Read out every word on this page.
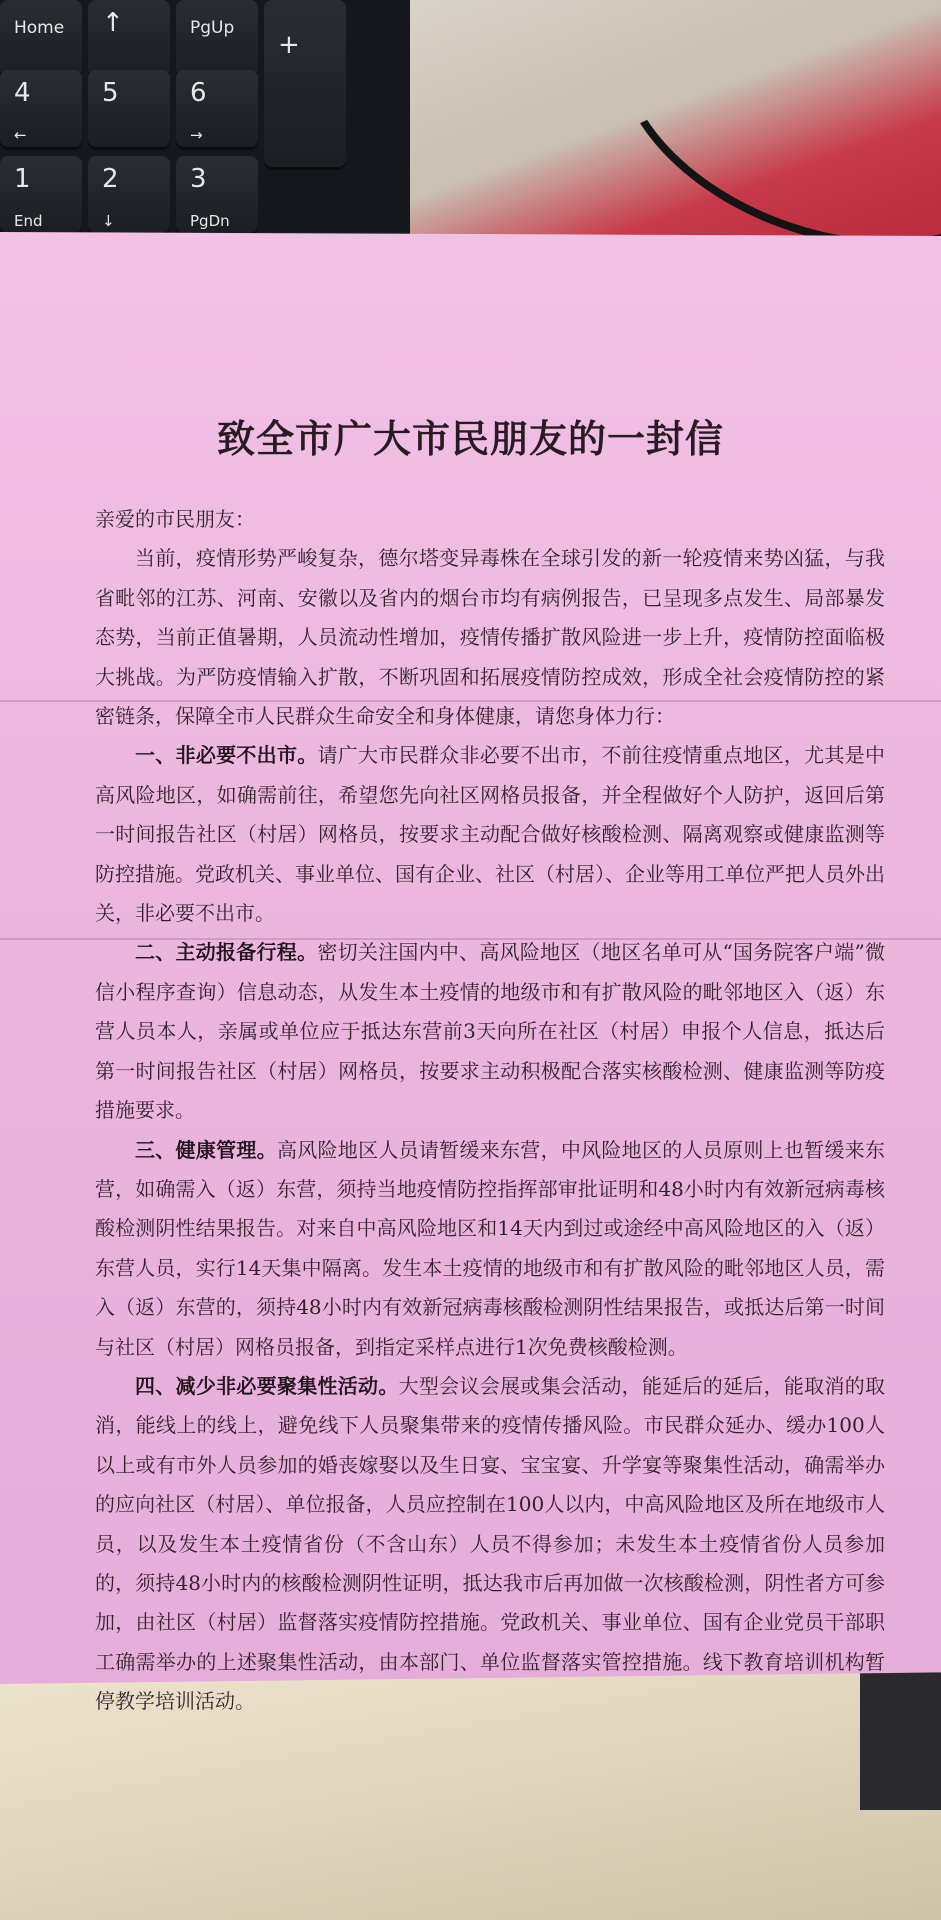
Home ↑	PgUp
+
4
←
5	6
→
1
End
2
↓
3
PgDn
致全市广大市民朋友的一封信

亲爱的市民朋友：

当前，疫情形势严峻复杂，德尔塔变异毒株在全球引发的新一轮疫情来势凶猛，与我省毗邻的江苏、河南、安徽以及省内的烟台市均有病例报告，已呈现多点发生、局部暴发态势，当前正值暑期，人员流动性增加，疫情传播扩散风险进一步上升，疫情防控面临极大挑战。为严防疫情输入扩散，不断巩固和拓展疫情防控成效，形成全社会疫情防控的紧密链条，保障全市人民群众生命安全和身体健康，请您身体力行：

一、非必要不出市。请广大市民群众非必要不出市，不前往疫情重点地区，尤其是中高风险地区，如确需前往，希望您先向社区网格员报备，并全程做好个人防护，返回后第一时间报告社区（村居）网格员，按要求主动配合做好核酸检测、隔离观察或健康监测等防控措施。党政机关、事业单位、国有企业、社区（村居）、企业等用工单位严把人员外出关，非必要不出市。

二、主动报备行程。密切关注国内中、高风险地区（地区名单可从“国务院客户端”微信小程序查询）信息动态，从发生本土疫情的地级市和有扩散风险的毗邻地区入（返）东营人员本人，亲属或单位应于抵达东营前3天向所在社区（村居）申报个人信息，抵达后第一时间报告社区（村居）网格员，按要求主动积极配合落实核酸检测、健康监测等防疫措施要求。

三、健康管理。高风险地区人员请暂缓来东营，中风险地区的人员原则上也暂缓来东营，如确需入（返）东营，须持当地疫情防控指挥部审批证明和48小时内有效新冠病毒核酸检测阴性结果报告。对来自中高风险地区和14天内到过或途经中高风险地区的入（返）东营人员，实行14天集中隔离。发生本土疫情的地级市和有扩散风险的毗邻地区人员，需入（返）东营的，须持48小时内有效新冠病毒核酸检测阴性结果报告，或抵达后第一时间与社区（村居）网格员报备，到指定采样点进行1次免费核酸检测。

四、减少非必要聚集性活动。大型会议会展或集会活动，能延后的延后，能取消的取消，能线上的线上，避免线下人员聚集带来的疫情传播风险。市民群众延办、缓办100人以上或有市外人员参加的婚丧嫁娶以及生日宴、宝宝宴、升学宴等聚集性活动，确需举办的应向社区（村居）、单位报备，人员应控制在100人以内，中高风险地区及所在地级市人员，以及发生本土疫情省份（不含山东）人员不得参加；未发生本土疫情省份人员参加的，须持48小时内的核酸检测阴性证明，抵达我市后再加做一次核酸检测，阴性者方可参加，由社区（村居）监督落实疫情防控措施。党政机关、事业单位、国有企业党员干部职工确需举办的上述聚集性活动，由本部门、单位监督落实管控措施。线下教育培训机构暂停教学培训活动。
